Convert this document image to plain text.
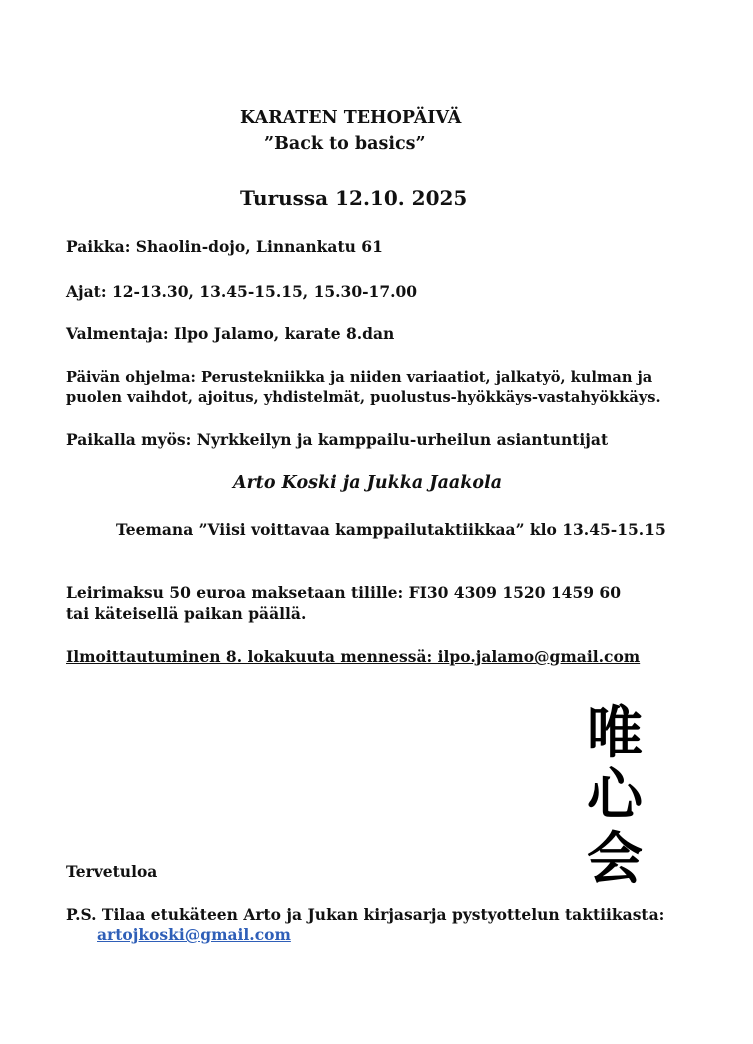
KARATEN TEHOPÄIVÄ
”Back to basics”
Turussa 12.10. 2025
Paikka: Shaolin-dojo, Linnankatu 61
Ajat: 12-13.30, 13.45-15.15, 15.30-17.00
Valmentaja: Ilpo Jalamo, karate 8.dan
Päivän ohjelma: Perustekniikka ja niiden variaatiot, jalkatyö, kulman ja
puolen vaihdot, ajoitus, yhdistelmät, puolustus-hyökkäys-vastahyökkäys.
Paikalla myös: Nyrkkeilyn ja kamppailu-urheilun asiantuntijat
Arto Koski ja Jukka Jaakola
Teemana ”Viisi voittavaa kamppailutaktiikkaa” klo 13.45-15.15
Leirimaksu 50 euroa maksetaan tilille: FI30 4309 1520 1459 60
tai käteisellä paikan päällä.
Ilmoittautuminen 8. lokakuuta mennessä: ilpo.jalamo@gmail.com
唯
心
会
Tervetuloa
P.S. Tilaa etukäteen Arto ja Jukan kirjasarja pystyottelun taktiikasta:
artojkoski@gmail.com
